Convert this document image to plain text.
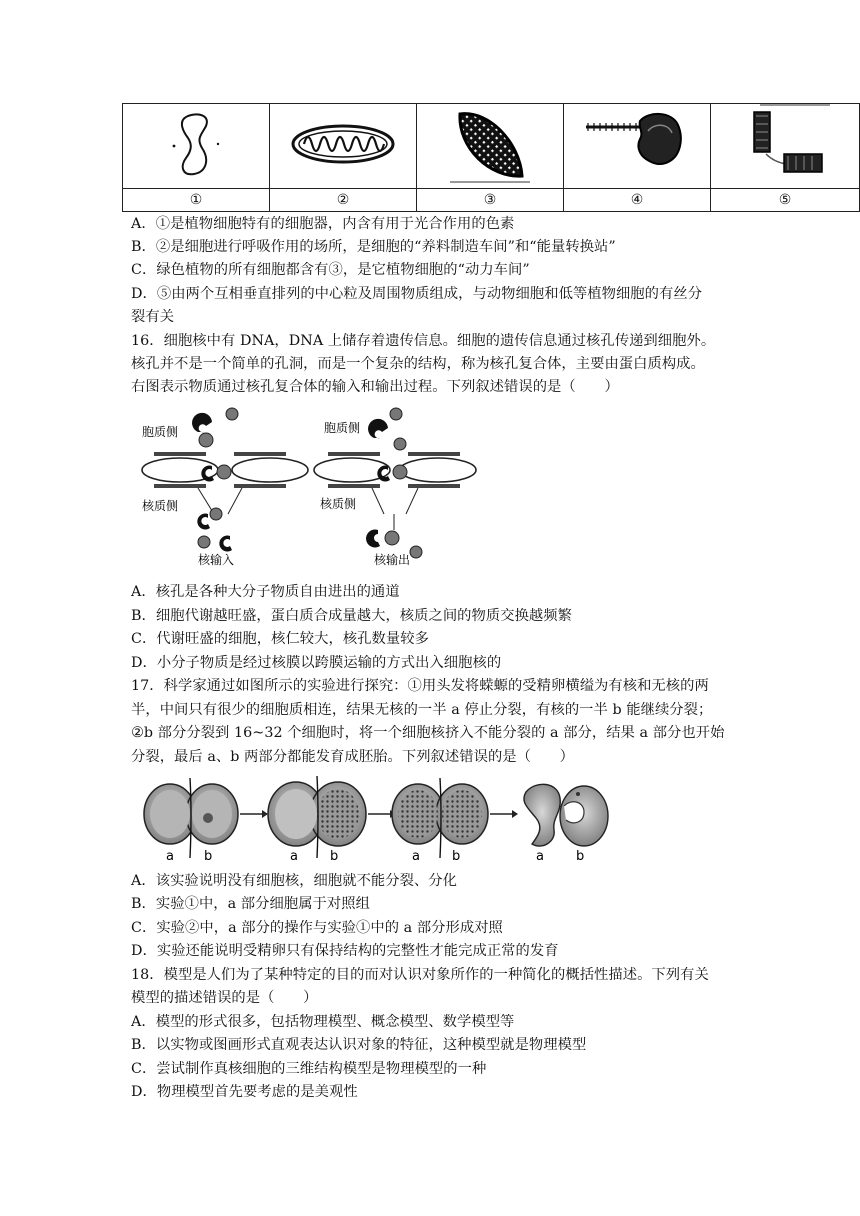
①	②	③	④	⑤
A．①是植物细胞特有的细胞器，内含有用于光合作用的色素
B．②是细胞进行呼吸作用的场所，是细胞的“养料制造车间”和“能量转换站”
C．绿色植物的所有细胞都含有③，是它植物细胞的“动力车间”
D．⑤由两个互相垂直排列的中心粒及周围物质组成，与动物细胞和低等植物细胞的有丝分
裂有关
16．细胞核中有 DNA，DNA 上储存着遗传信息。细胞的遗传信息通过核孔传递到细胞外。
核孔并不是一个简单的孔洞，而是一个复杂的结构，称为核孔复合体，主要由蛋白质构成。
右图表示物质通过核孔复合体的输入和输出过程。下列叙述错误的是（　　）
胞质侧
核质侧
核输入
胞质侧
核质侧
核输出
A．核孔是各种大分子物质自由进出的通道
B．细胞代谢越旺盛，蛋白质合成量越大，核质之间的物质交换越频繁
C．代谢旺盛的细胞，核仁较大，核孔数量较多
D．小分子物质是经过核膜以跨膜运输的方式出入细胞核的
17．科学家通过如图所示的实验进行探究：①用头发将蝾螈的受精卵横缢为有核和无核的两
半，中间只有很少的细胞质相连，结果无核的一半 a 停止分裂，有核的一半 b 能继续分裂；
②b 部分分裂到 16~32 个细胞时，将一个细胞核挤入不能分裂的 a 部分，结果 a 部分也开始
分裂，最后 a、b 两部分都能发育成胚胎。下列叙述错误的是（　　）
a b	a b	a b	a b
A．该实验说明没有细胞核，细胞就不能分裂、分化
B．实验①中，a 部分细胞属于对照组
C．实验②中，a 部分的操作与实验①中的 a 部分形成对照
D．实验还能说明受精卵只有保持结构的完整性才能完成正常的发育
18．模型是人们为了某种特定的目的而对认识对象所作的一种简化的概括性描述。下列有关
模型的描述错误的是（　　）
A．模型的形式很多，包括物理模型、概念模型、数学模型等
B．以实物或图画形式直观表达认识对象的特征，这种模型就是物理模型
C．尝试制作真核细胞的三维结构模型是物理模型的一种
D．物理模型首先要考虑的是美观性
